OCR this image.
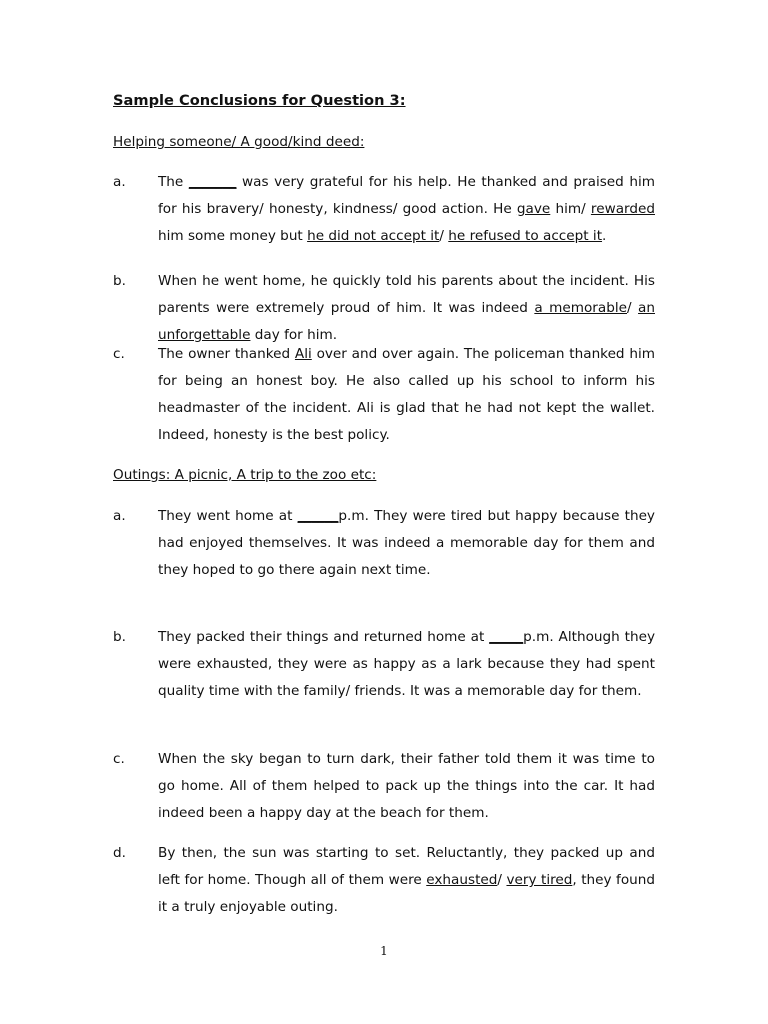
Sample Conclusions for Question 3:
Helping someone/ A good/kind deed:
a. The _______ was very grateful for his help. He thanked and praised him for his bravery/ honesty, kindness/ good action. He gave him/ rewarded him some money but he did not accept it/ he refused to accept it.
b. When he went home, he quickly told his parents about the incident. His parents were extremely proud of him. It was indeed a memorable/ an unforgettable day for him.
c. The owner thanked Ali over and over again. The policeman thanked him for being an honest boy. He also called up his school to inform his headmaster of the incident. Ali is glad that he had not kept the wallet. Indeed, honesty is the best policy.
Outings: A picnic, A trip to the zoo etc:
a. They went home at ______p.m. They were tired but happy because they had enjoyed themselves. It was indeed a memorable day for them and they hoped to go there again next time.
b. They packed their things and returned home at _____p.m. Although they were exhausted, they were as happy as a lark because they had spent quality time with the family/ friends. It was a memorable day for them.
c. When the sky began to turn dark, their father told them it was time to go home. All of them helped to pack up the things into the car. It had indeed been a happy day at the beach for them.
d. By then, the sun was starting to set. Reluctantly, they packed up and left for home. Though all of them were exhausted/ very tired, they found it a truly enjoyable outing.
1
